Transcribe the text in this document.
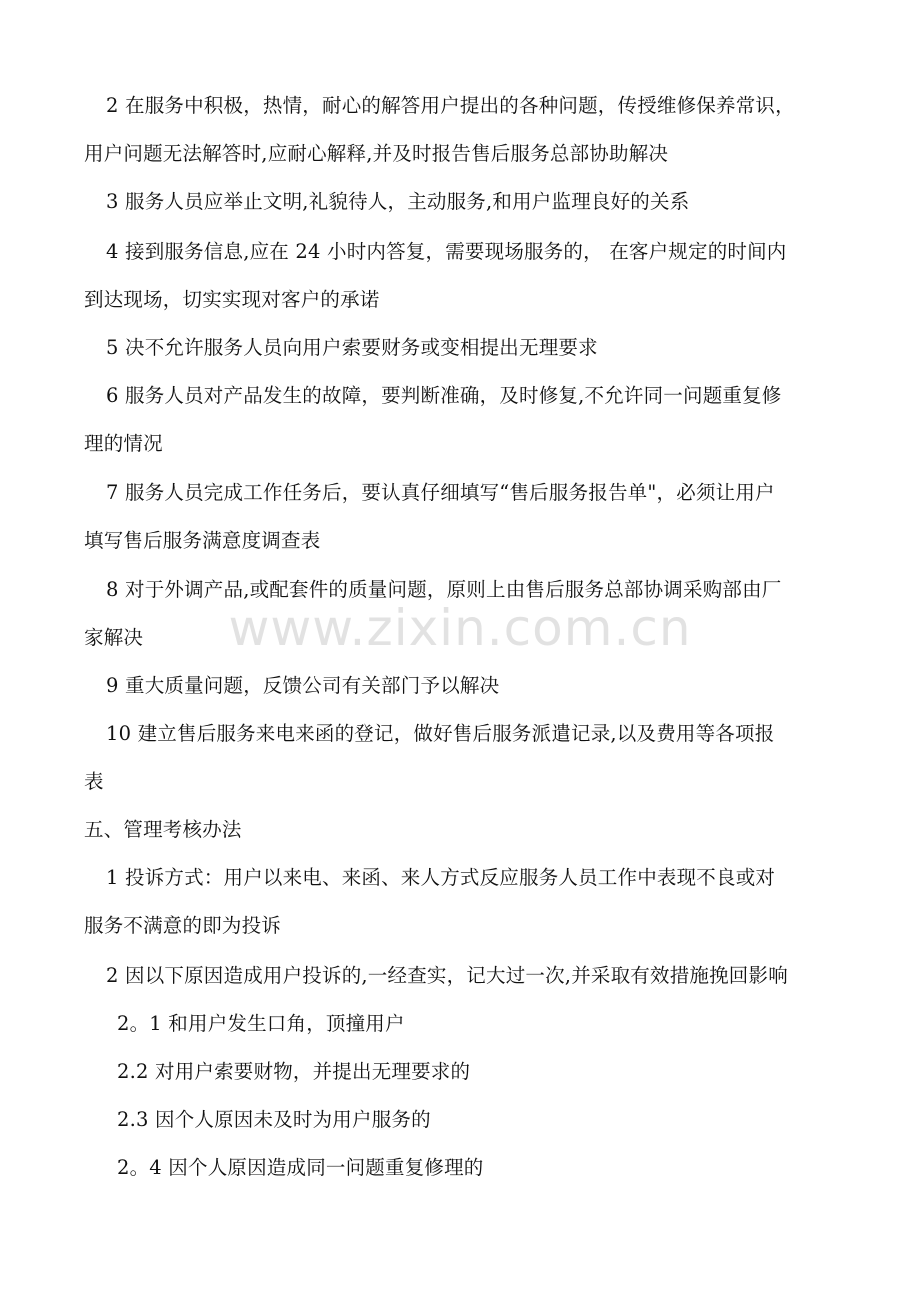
2 在服务中积极，热情，耐心的解答用户提出的各种问题，传授维修保养常识，
用户问题无法解答时,应耐心解释,并及时报告售后服务总部协助解决
3 服务人员应举止文明,礼貌待人，主动服务,和用户监理良好的关系
4 接到服务信息,应在 24 小时内答复，需要现场服务的， 在客户规定的时间内
到达现场，切实实现对客户的承诺
5 决不允许服务人员向用户索要财务或变相提出无理要求
6 服务人员对产品发生的故障，要判断准确，及时修复,不允许同一问题重复修
理的情况
7 服务人员完成工作任务后，要认真仔细填写“售后服务报告单"，必须让用户
填写售后服务满意度调查表
8 对于外调产品,或配套件的质量问题，原则上由售后服务总部协调采购部由厂
家解决
9 重大质量问题，反馈公司有关部门予以解决
10 建立售后服务来电来函的登记，做好售后服务派遣记录,以及费用等各项报
表
五、管理考核办法
1 投诉方式：用户以来电、来函、来人方式反应服务人员工作中表现不良或对
服务不满意的即为投诉
2 因以下原因造成用户投诉的,一经查实，记大过一次,并采取有效措施挽回影响
2。1 和用户发生口角，顶撞用户
2.2 对用户索要财物，并提出无理要求的
2.3 因个人原因未及时为用户服务的
2。4 因个人原因造成同一问题重复修理的
www.zixin.com.cn
